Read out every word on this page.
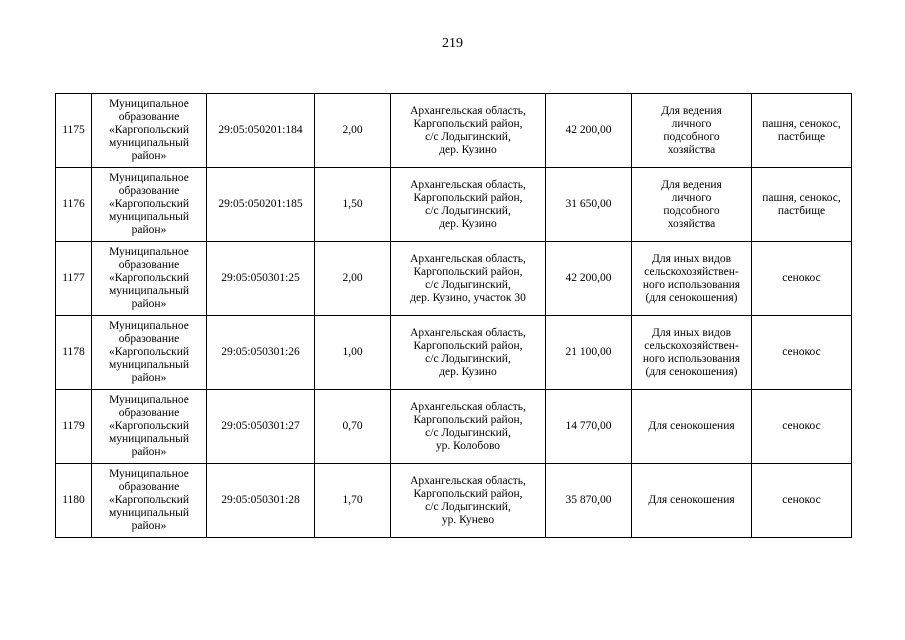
219
1175	Муниципальное
образование
«Каргопольский
муниципальный
район»	29:05:050201:184	2,00	Архангельская область,
Каргопольский район,
с/с Лодыгинский,
дер. Кузино	42 200,00	Для ведения
личного
подсобного
хозяйства	пашня, сенокос,
пастбище

1176	Муниципальное
образование
«Каргопольский
муниципальный
район»	29:05:050201:185	1,50	Архангельская область,
Каргопольский район,
с/с Лодыгинский,
дер. Кузино	31 650,00	Для ведения
личного
подсобного
хозяйства	пашня, сенокос,
пастбище

1177	Муниципальное
образование
«Каргопольский
муниципальный
район»	29:05:050301:25	2,00	Архангельская область,
Каргопольский район,
с/с Лодыгинский,
дер. Кузино, участок 30	42 200,00	Для иных видов
сельскохозяйствен-
ного использования
(для сенокошения)	сенокос

1178	Муниципальное
образование
«Каргопольский
муниципальный
район»	29:05:050301:26	1,00	Архангельская область,
Каргопольский район,
с/с Лодыгинский,
дер. Кузино	21 100,00	Для иных видов
сельскохозяйствен-
ного использования
(для сенокошения)	сенокос

1179	Муниципальное
образование
«Каргопольский
муниципальный
район»	29:05:050301:27	0,70	Архангельская область,
Каргопольский район,
с/с Лодыгинский,
ур. Колобово	14 770,00	Для сенокошения	сенокос

1180	Муниципальное
образование
«Каргопольский
муниципальный
район»	29:05:050301:28	1,70	Архангельская область,
Каргопольский район,
с/с Лодыгинский,
ур. Кунево	35 870,00	Для сенокошения	сенокос
